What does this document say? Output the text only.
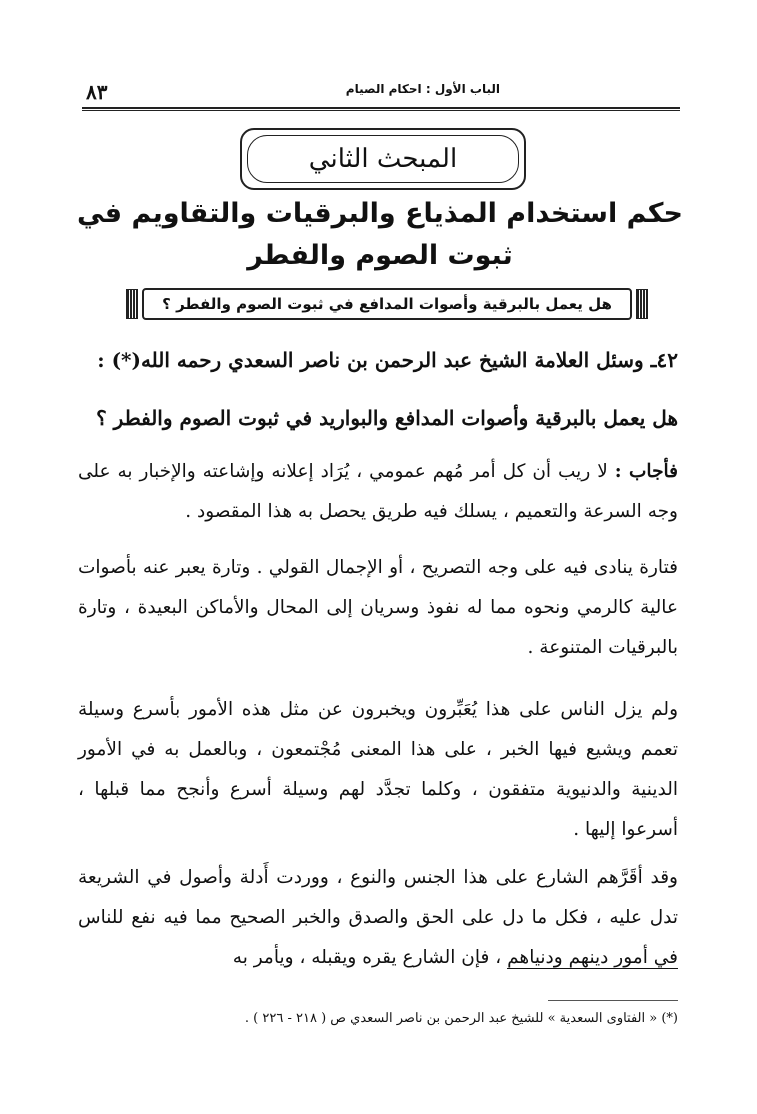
٨٣	الباب الأول : احكام الصيام
المبحث الثاني
حكم استخدام المذياع والبرقيات والتقاويم في
ثبوت الصوم والفطر
هل يعمل بالبرقية وأصوات المدافع في ثبوت الصوم والفطر ؟
٤٢ـ وسئل العلامة الشيخ عبد الرحمن بن ناصر السعدي رحمه الله(*) :
هل يعمل بالبرقية وأصوات المدافع والبواريد في ثبوت الصوم والفطر ؟
فأجاب : لا ريب أن كل أمر مُهم عمومي ، يُرَاد إعلانه وإشاعته والإخبار به على وجه السرعة والتعميم ، يسلك فيه طريق يحصل به هذا المقصود .
فتارة ينادى فيه على وجه التصريح ، أو الإجمال القولي . وتارة يعبر عنه بأصوات عالية كالرمي ونحوه مما له نفوذ وسريان إلى المحال والأماكن البعيدة ، وتارة بالبرقيات المتنوعة .
ولم يزل الناس على هذا يُعَبِّرون ويخبرون عن مثل هذه الأمور بأسرع وسيلة تعمم ويشيع فيها الخبر ، على هذا المعنى مُجْتمعون ، وبالعمل به في الأمور الدينية والدنيوية متفقون ، وكلما تجدَّد لهم وسيلة أسرع وأنجح مما قبلها ، أسرعوا إليها .
وقد أقَرَّهم الشارع على هذا الجنس والنوع ، ووردت أَدلة وأصول في الشريعة تدل عليه ، فكل ما دل على الحق والصدق والخبر الصحيح مما فيه نفع للناس في أمور دينهم ودنياهم ، فإن الشارع يقره ويقبله ، ويأمر به
(*) « الفتاوى السعدية » للشيخ عبد الرحمن بن ناصر السعدي ص ( ٢١٨ - ٢٢٦ ) .
